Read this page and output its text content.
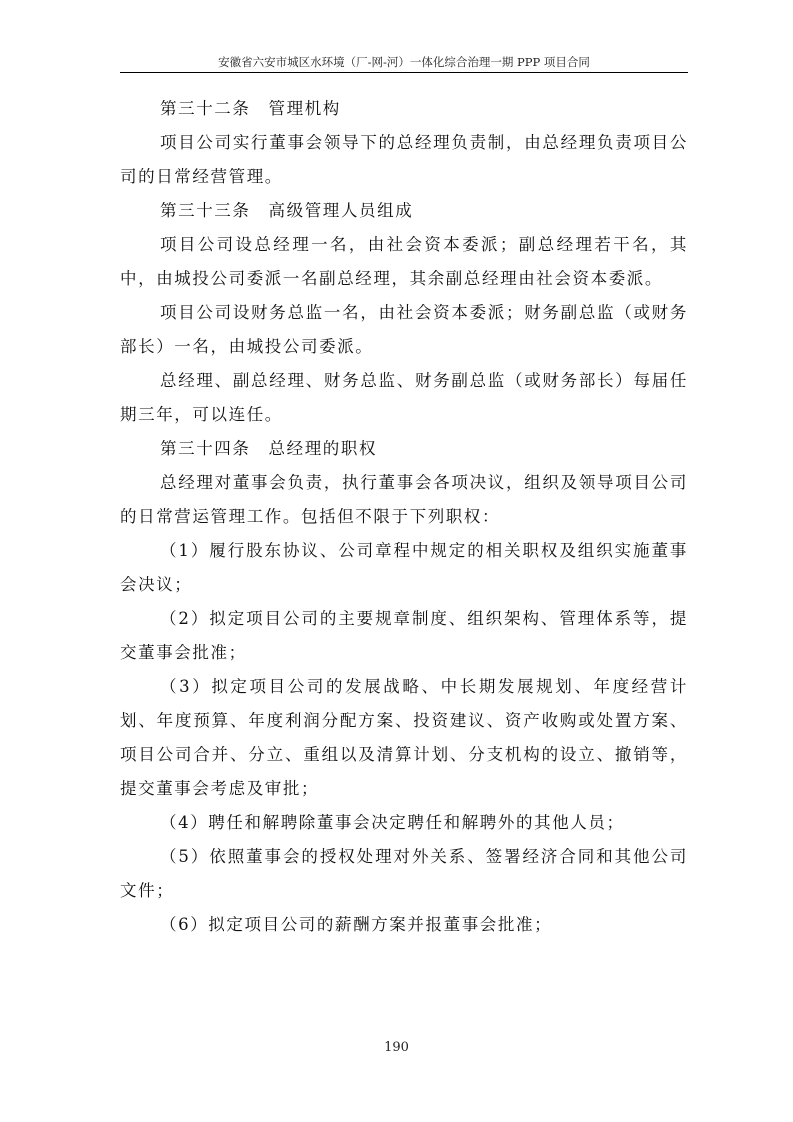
安徽省六安市城区水环境（厂-网-河）一体化综合治理一期 PPP 项目合同

第三十二条 管理机构

项目公司实行董事会领导下的总经理负责制，由总经理负责项目公司的日常经营管理。

第三十三条 高级管理人员组成

项目公司设总经理一名，由社会资本委派；副总经理若干名，其中，由城投公司委派一名副总经理，其余副总经理由社会资本委派。

项目公司设财务总监一名，由社会资本委派；财务副总监（或财务部长）一名，由城投公司委派。

总经理、副总经理、财务总监、财务副总监（或财务部长）每届任期三年，可以连任。

第三十四条 总经理的职权

总经理对董事会负责，执行董事会各项决议，组织及领导项目公司的日常营运管理工作。包括但不限于下列职权：

（1）履行股东协议、公司章程中规定的相关职权及组织实施董事会决议；

（2）拟定项目公司的主要规章制度、组织架构、管理体系等，提交董事会批准；

（3）拟定项目公司的发展战略、中长期发展规划、年度经营计划、年度预算、年度利润分配方案、投资建议、资产收购或处置方案、项目公司合并、分立、重组以及清算计划、分支机构的设立、撤销等，提交董事会考虑及审批；

（4）聘任和解聘除董事会决定聘任和解聘外的其他人员；

（5）依照董事会的授权处理对外关系、签署经济合同和其他公司文件；

（6）拟定项目公司的薪酬方案并报董事会批准；

190
